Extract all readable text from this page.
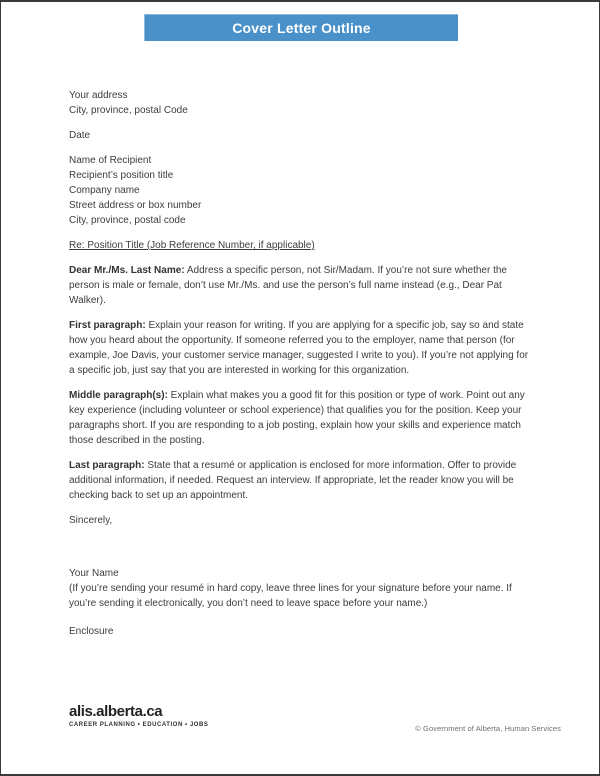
Cover Letter Outline
Your address
City, province, postal Code
Date
Name of Recipient
Recipient’s position title
Company name
Street address or box number
City, province, postal code
Re: Position Title (Job Reference Number, if applicable)

Dear Mr./Ms. Last Name: Address a specific person, not Sir/Madam. If you’re not sure whether the person is male or female, don’t use Mr./Ms. and use the person’s full name instead (e.g., Dear Pat Walker).

First paragraph: Explain your reason for writing. If you are applying for a specific job, say so and state how you heard about the opportunity. If someone referred you to the employer, name that person (for example, Joe Davis, your customer service manager, suggested I write to you). If you’re not applying for a specific job, just say that you are interested in working for this organization.

Middle paragraph(s): Explain what makes you a good fit for this position or type of work. Point out any key experience (including volunteer or school experience) that qualifies you for the position. Keep your paragraphs short. If you are responding to a job posting, explain how your skills and experience match those described in the posting.

Last paragraph: State that a resumé or application is enclosed for more information. Offer to provide additional information, if needed. Request an interview. If appropriate, let the reader know you will be checking back to set up an appointment.

Sincerely,
Your Name
(If you’re sending your resumé in hard copy, leave three lines for your signature before your name. If you’re sending it electronically, you don’t need to leave space before your name.)
Enclosure
alis.alberta.ca
CAREER PLANNING • EDUCATION • JOBS	© Government of Alberta, Human Services
